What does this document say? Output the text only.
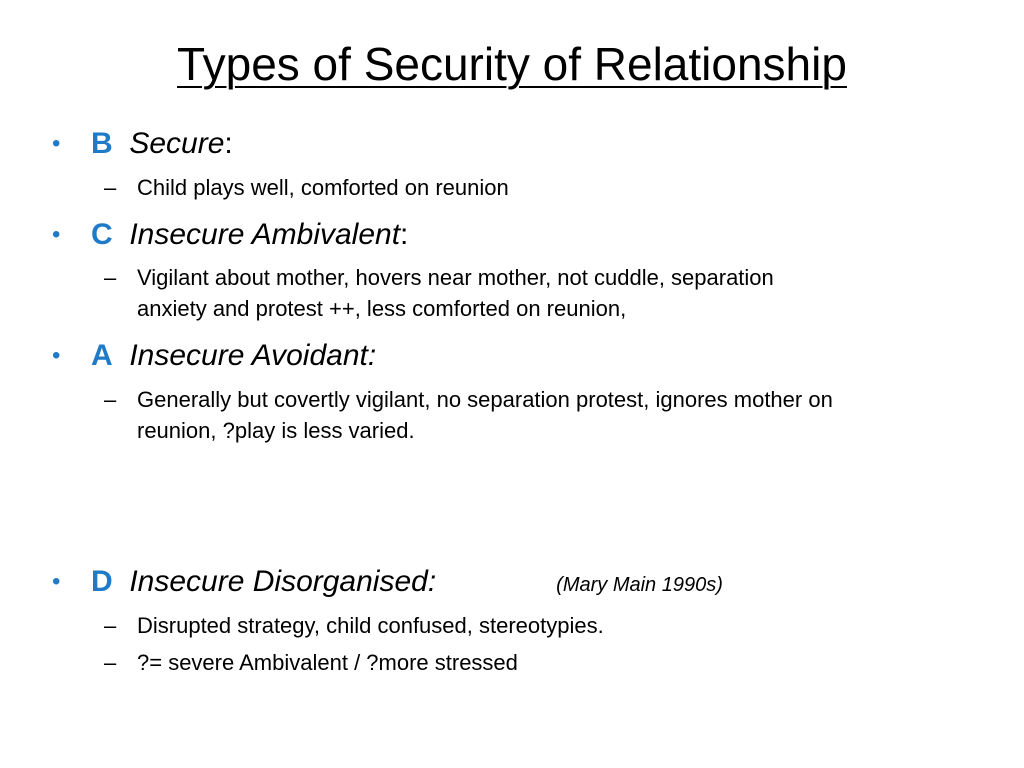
Types of Security of Relationship
• B Secure:
– Child plays well, comforted on reunion
• C Insecure Ambivalent:
– Vigilant about mother, hovers near mother, not cuddle, separation
anxiety and protest ++, less comforted on reunion,
• A Insecure Avoidant:
– Generally but covertly vigilant, no separation protest, ignores mother on
reunion, ?play is less varied.
• D Insecure Disorganised:	(Mary Main 1990s)
– Disrupted strategy, child confused, stereotypies.
– ?= severe Ambivalent / ?more stressed
